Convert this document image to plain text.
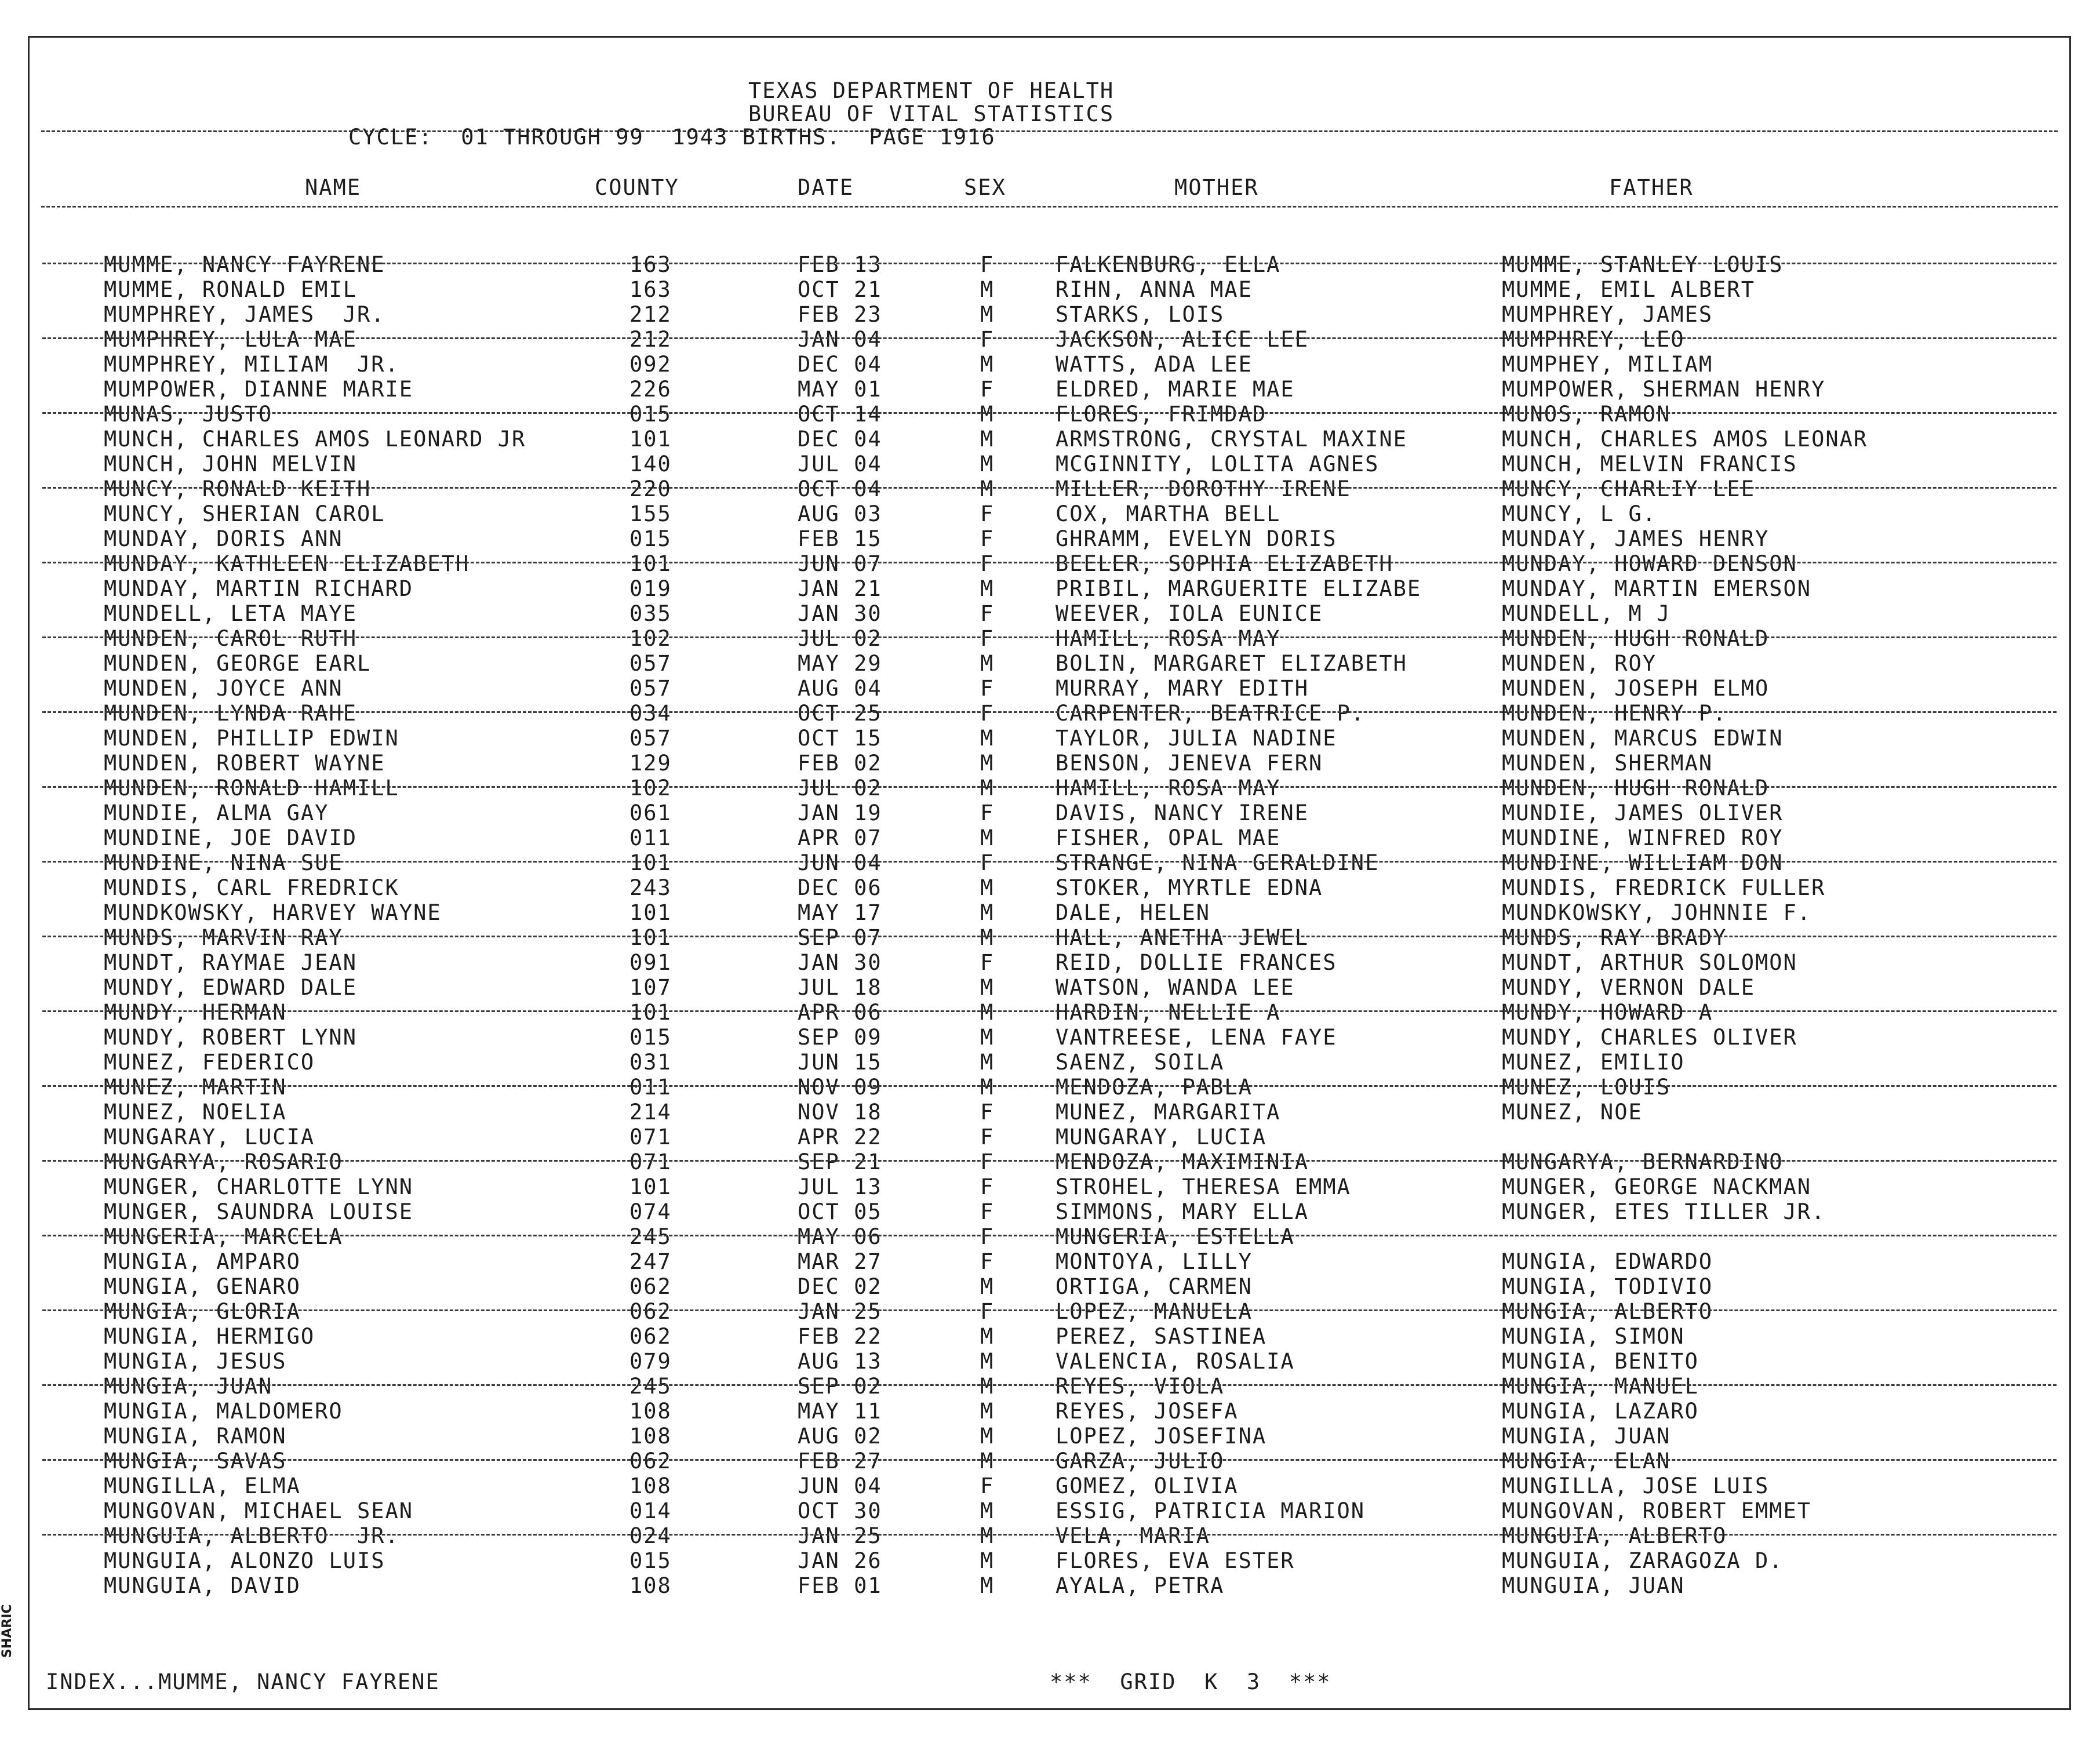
TEXAS DEPARTMENT OF HEALTH
BUREAU OF VITAL STATISTICS
CYCLE:  01 THROUGH 99  1943 BIRTHS.  PAGE 1916
NAME	COUNTY	DATE	SEX	MOTHER	FATHER
MUMME, NANCY FAYRENE	163	FEB 13	F	FALKENBURG, ELLA	MUMME, STANLEY LOUIS
MUMME, RONALD EMIL	163	OCT 21	M	RIHN, ANNA MAE	MUMME, EMIL ALBERT
MUMPHREY, JAMES  JR.	212	FEB 23	M	STARKS, LOIS	MUMPHREY, JAMES
MUMPHREY, LULA MAE	212	JAN 04	F	JACKSON, ALICE LEE	MUMPHREY, LEO
MUMPHREY, MILIAM  JR.	092	DEC 04	M	WATTS, ADA LEE	MUMPHEY, MILIAM
MUMPOWER, DIANNE MARIE	226	MAY 01	F	ELDRED, MARIE MAE	MUMPOWER, SHERMAN HENRY
MUNAS, JUSTO	015	OCT 14	M	FLORES, FRIMDAD	MUNOS, RAMON
MUNCH, CHARLES AMOS LEONARD JR	101	DEC 04	M	ARMSTRONG, CRYSTAL MAXINE	MUNCH, CHARLES AMOS LEONAR
MUNCH, JOHN MELVIN	140	JUL 04	M	MCGINNITY, LOLITA AGNES	MUNCH, MELVIN FRANCIS
MUNCY, RONALD KEITH	220	OCT 04	M	MILLER, DOROTHY IRENE	MUNCY, CHARLIY LEE
MUNCY, SHERIAN CAROL	155	AUG 03	F	COX, MARTHA BELL	MUNCY, L G.
MUNDAY, DORIS ANN	015	FEB 15	F	GHRAMM, EVELYN DORIS	MUNDAY, JAMES HENRY
MUNDAY, KATHLEEN ELIZABETH	101	JUN 07	F	BEELER, SOPHIA ELIZABETH	MUNDAY, HOWARD DENSON
MUNDAY, MARTIN RICHARD	019	JAN 21	M	PRIBIL, MARGUERITE ELIZABE	MUNDAY, MARTIN EMERSON
MUNDELL, LETA MAYE	035	JAN 30	F	WEEVER, IOLA EUNICE	MUNDELL, M J
MUNDEN, CAROL RUTH	102	JUL 02	F	HAMILL, ROSA MAY	MUNDEN, HUGH RONALD
MUNDEN, GEORGE EARL	057	MAY 29	M	BOLIN, MARGARET ELIZABETH	MUNDEN, ROY
MUNDEN, JOYCE ANN	057	AUG 04	F	MURRAY, MARY EDITH	MUNDEN, JOSEPH ELMO
MUNDEN, LYNDA RAHE	034	OCT 25	F	CARPENTER, BEATRICE P.	MUNDEN, HENRY P.
MUNDEN, PHILLIP EDWIN	057	OCT 15	M	TAYLOR, JULIA NADINE	MUNDEN, MARCUS EDWIN
MUNDEN, ROBERT WAYNE	129	FEB 02	M	BENSON, JENEVA FERN	MUNDEN, SHERMAN
MUNDEN, RONALD HAMILL	102	JUL 02	M	HAMILL, ROSA MAY	MUNDEN, HUGH RONALD
MUNDIE, ALMA GAY	061	JAN 19	F	DAVIS, NANCY IRENE	MUNDIE, JAMES OLIVER
MUNDINE, JOE DAVID	011	APR 07	M	FISHER, OPAL MAE	MUNDINE, WINFRED ROY
MUNDINE, NINA SUE	101	JUN 04	F	STRANGE, NINA GERALDINE	MUNDINE, WILLIAM DON
MUNDIS, CARL FREDRICK	243	DEC 06	M	STOKER, MYRTLE EDNA	MUNDIS, FREDRICK FULLER
MUNDKOWSKY, HARVEY WAYNE	101	MAY 17	M	DALE, HELEN	MUNDKOWSKY, JOHNNIE F.
MUNDS, MARVIN RAY	101	SEP 07	M	HALL, ANETHA JEWEL	MUNDS, RAY BRADY
MUNDT, RAYMAE JEAN	091	JAN 30	F	REID, DOLLIE FRANCES	MUNDT, ARTHUR SOLOMON
MUNDY, EDWARD DALE	107	JUL 18	M	WATSON, WANDA LEE	MUNDY, VERNON DALE
MUNDY, HERMAN	101	APR 06	M	HARDIN, NELLIE A	MUNDY, HOWARD A
MUNDY, ROBERT LYNN	015	SEP 09	M	VANTREESE, LENA FAYE	MUNDY, CHARLES OLIVER
MUNEZ, FEDERICO	031	JUN 15	M	SAENZ, SOILA	MUNEZ, EMILIO
MUNEZ, MARTIN	011	NOV 09	M	MENDOZA, PABLA	MUNEZ, LOUIS
MUNEZ, NOELIA	214	NOV 18	F	MUNEZ, MARGARITA	MUNEZ, NOE
MUNGARAY, LUCIA	071	APR 22	F	MUNGARAY, LUCIA
MUNGARYA, ROSARIO	071	SEP 21	F	MENDOZA, MAXIMINIA	MUNGARYA, BERNARDINO
MUNGER, CHARLOTTE LYNN	101	JUL 13	F	STROHEL, THERESA EMMA	MUNGER, GEORGE NACKMAN
MUNGER, SAUNDRA LOUISE	074	OCT 05	F	SIMMONS, MARY ELLA	MUNGER, ETES TILLER JR.
MUNGERIA, MARCELA	245	MAY 06	F	MUNGERIA, ESTELLA
MUNGIA, AMPARO	247	MAR 27	F	MONTOYA, LILLY	MUNGIA, EDWARDO
MUNGIA, GENARO	062	DEC 02	M	ORTIGA, CARMEN	MUNGIA, TODIVIO
MUNGIA, GLORIA	062	JAN 25	F	LOPEZ, MANUELA	MUNGIA, ALBERTO
MUNGIA, HERMIGO	062	FEB 22	M	PEREZ, SASTINEA	MUNGIA, SIMON
MUNGIA, JESUS	079	AUG 13	M	VALENCIA, ROSALIA	MUNGIA, BENITO
MUNGIA, JUAN	245	SEP 02	M	REYES, VIOLA	MUNGIA, MANUEL
MUNGIA, MALDOMERO	108	MAY 11	M	REYES, JOSEFA	MUNGIA, LAZARO
MUNGIA, RAMON	108	AUG 02	M	LOPEZ, JOSEFINA	MUNGIA, JUAN
MUNGIA, SAVAS	062	FEB 27	M	GARZA, JULIO	MUNGIA, ELAN
MUNGILLA, ELMA	108	JUN 04	F	GOMEZ, OLIVIA	MUNGILLA, JOSE LUIS
MUNGOVAN, MICHAEL SEAN	014	OCT 30	M	ESSIG, PATRICIA MARION	MUNGOVAN, ROBERT EMMET
MUNGUIA, ALBERTO  JR.	024	JAN 25	M	VELA, MARIA	MUNGUIA, ALBERTO
MUNGUIA, ALONZO LUIS	015	JAN 26	M	FLORES, EVA ESTER	MUNGUIA, ZARAGOZA D.
MUNGUIA, DAVID	108	FEB 01	M	AYALA, PETRA	MUNGUIA, JUAN
INDEX...MUMME, NANCY FAYRENE	***  GRID  K  3  ***
SHARIC
